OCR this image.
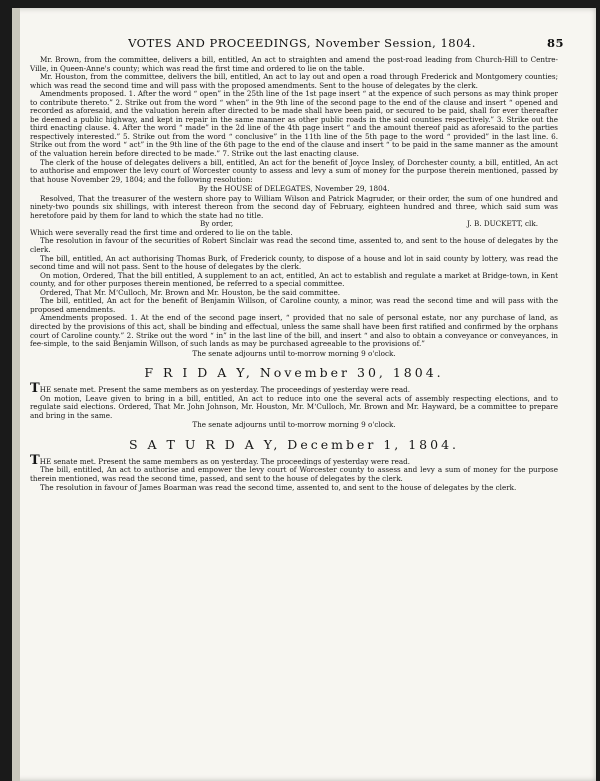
VOTES AND PROCEEDINGS, November Session, 1804.	85

Mr. Brown, from the committee, delivers a bill, entitled, An act to straighten and amend the post-road leading from Church-Hill to Centre-Ville, in Queen-Anne's county; which was read the first time and ordered to lie on the table.

Mr. Houston, from the committee, delivers the bill, entitled, An act to lay out and open a road through Frederick and Montgomery counties; which was read the second time and will pass with the proposed amendments. Sent to the house of delegates by the clerk.

Amendments proposed. 1. After the word “ open” in the 25th line of the 1st page insert “ at the expence of such persons as may think proper to contribute thereto.” 2. Strike out from the word “ when” in the 9th line of the second page to the end of the clause and insert “ opened and recorded as aforesaid, and the valuation herein after directed to be made shall have been paid, or secured to be paid, shall for ever thereafter be deemed a public highway, and kept in repair in the same manner as other public roads in the said counties respectively.” 3. Strike out the third enacting clause. 4. After the word “ made” in the 2d line of the 4th page insert “ and the amount thereof paid as aforesaid to the parties respectively interested.” 5. Strike out from the word “ conclusive” in the 11th line of the 5th page to the word “ provided” in the last line. 6. Strike out from the word “ act” in the 9th line of the 6th page to the end of the clause and insert “ to be paid in the same manner as the amount of the valuation herein before directed to be made.” 7. Strike out the last enacting clause.

The clerk of the house of delegates delivers a bill, entitled, An act for the benefit of Joyce Insley, of Dorchester county, a bill, entitled, An act to authorise and empower the levy court of Worcester county to assess and levy a sum of money for the purpose therein mentioned, passed by that house November 29, 1804; and the following resolution:

By the HOUSE of DELEGATES, November 29, 1804.

Resolved, That the treasurer of the western shore pay to William Wilson and Patrick Magruder, or their order, the sum of one hundred and ninety-two pounds six shillings, with interest thereon from the second day of February, eighteen hundred and three, which said sum was heretofore paid by them for land to which the state had no title.

By order,	J. B. DUCKETT, clk.

Which were severally read the first time and ordered to lie on the table.

The resolution in favour of the securities of Robert Sinclair was read the second time, assented to, and sent to the house of delegates by the clerk.

The bill, entitled, An act authorising Thomas Burk, of Frederick county, to dispose of a house and lot in said county by lottery, was read the second time and will not pass. Sent to the house of delegates by the clerk.

On motion, Ordered, That the bill entitled, A supplement to an act, entitled, An act to establish and regulate a market at Bridge-town, in Kent county, and for other purposes therein mentioned, be referred to a special committee.

Ordered, That Mr. M‘Culloch, Mr. Brown and Mr. Houston, be the said committee.

The bill, entitled, An act for the benefit of Benjamin Willson, of Caroline county, a minor, was read the second time and will pass with the proposed amendments.

Amendments proposed. 1. At the end of the second page insert, “ provided that no sale of personal estate, nor any purchase of land, as directed by the provisions of this act, shall be binding and effectual, unless the same shall have been first ratified and confirmed by the orphans court of Caroline county.” 2. Strike out the word “ in” in the last line of the bill, and insert “ and also to obtain a conveyance or conveyances, in fee-simple, to the said Benjamin Willson, of such lands as may be purchased agreeable to the provisions of.”

The senate adjourns until to-morrow morning 9 o'clock.

F R I D A Y, November 30, 1804.

THE senate met. Present the same members as on yesterday. The proceedings of yesterday were read.

On motion, Leave given to bring in a bill, entitled, An act to reduce into one the several acts of assembly respecting elections, and to regulate said elections. Ordered, That Mr. John Johnson, Mr. Houston, Mr. M‘Culloch, Mr. Brown and Mr. Hayward, be a committee to prepare and bring in the same.

The senate adjourns until to-morrow morning 9 o'clock.

S A T U R D A Y, December 1, 1804.

THE senate met. Present the same members as on yesterday. The proceedings of yesterday were read.

The bill, entitled, An act to authorise and empower the levy court of Worcester county to assess and levy a sum of money for the purpose therein mentioned, was read the second time, passed, and sent to the house of delegates by the clerk.

The resolution in favour of James Boarman was read the second time, assented to, and sent to the house of delegates by the clerk.
